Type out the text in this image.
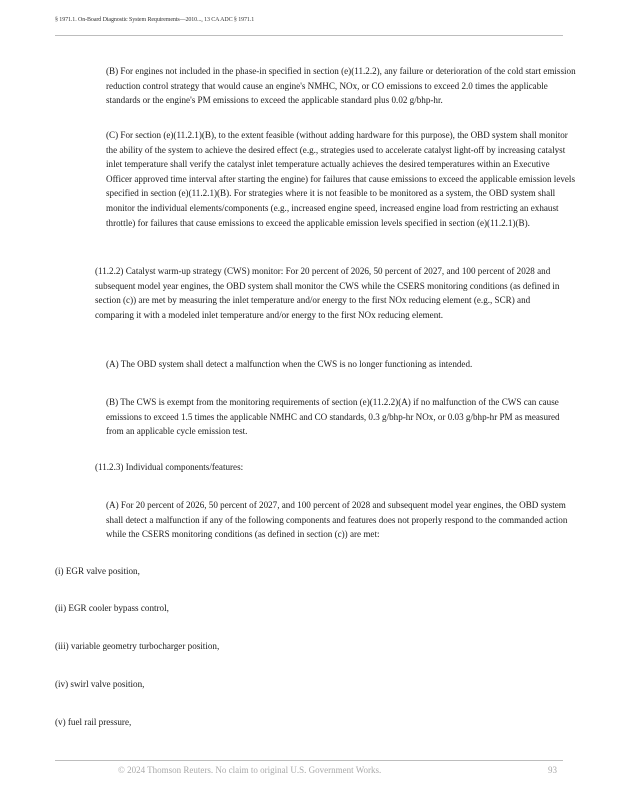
§ 1971.1. On-Board Diagnostic System Requirements—2010..., 13 CA ADC § 1971.1

(B) For engines not included in the phase-in specified in section (e)(11.2.2), any failure or deterioration of the cold start emission reduction control strategy that would cause an engine's NMHC, NOx, or CO emissions to exceed 2.0 times the applicable standards or the engine's PM emissions to exceed the applicable standard plus 0.02 g/bhp-hr.

(C) For section (e)(11.2.1)(B), to the extent feasible (without adding hardware for this purpose), the OBD system shall monitor the ability of the system to achieve the desired effect (e.g., strategies used to accelerate catalyst light-off by increasing catalyst inlet temperature shall verify the catalyst inlet temperature actually achieves the desired temperatures within an Executive Officer approved time interval after starting the engine) for failures that cause emissions to exceed the applicable emission levels specified in section (e)(11.2.1)(B). For strategies where it is not feasible to be monitored as a system, the OBD system shall monitor the individual elements/components (e.g., increased engine speed, increased engine load from restricting an exhaust throttle) for failures that cause emissions to exceed the applicable emission levels specified in section (e)(11.2.1)(B).

(11.2.2) Catalyst warm-up strategy (CWS) monitor: For 20 percent of 2026, 50 percent of 2027, and 100 percent of 2028 and subsequent model year engines, the OBD system shall monitor the CWS while the CSERS monitoring conditions (as defined in section (c)) are met by measuring the inlet temperature and/or energy to the first NOx reducing element (e.g., SCR) and comparing it with a modeled inlet temperature and/or energy to the first NOx reducing element.

(A) The OBD system shall detect a malfunction when the CWS is no longer functioning as intended.

(B) The CWS is exempt from the monitoring requirements of section (e)(11.2.2)(A) if no malfunction of the CWS can cause emissions to exceed 1.5 times the applicable NMHC and CO standards, 0.3 g/bhp-hr NOx, or 0.03 g/bhp-hr PM as measured from an applicable cycle emission test.

(11.2.3) Individual components/features:

(A) For 20 percent of 2026, 50 percent of 2027, and 100 percent of 2028 and subsequent model year engines, the OBD system shall detect a malfunction if any of the following components and features does not properly respond to the commanded action while the CSERS monitoring conditions (as defined in section (c)) are met:

(i) EGR valve position,

(ii) EGR cooler bypass control,

(iii) variable geometry turbocharger position,

(iv) swirl valve position,

(v) fuel rail pressure,

© 2024 Thomson Reuters. No claim to original U.S. Government Works.	93
